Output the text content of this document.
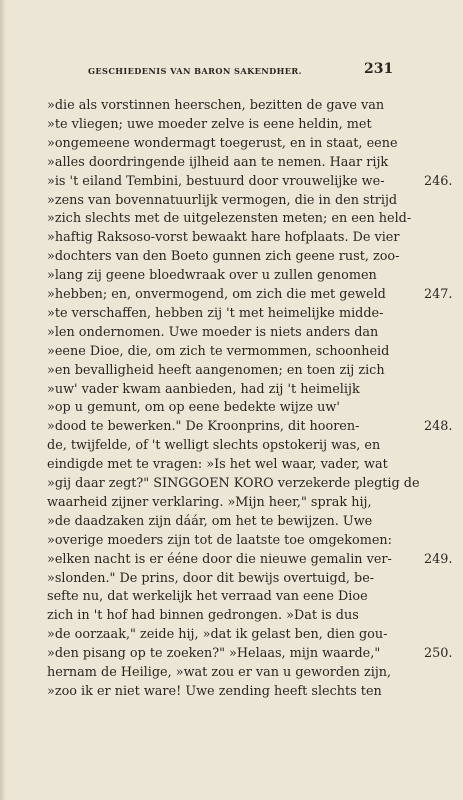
GESCHIEDENIS VAN BARON SAKENDHER.	231
»die als vorstinnen heerschen, bezitten de gave van
»te vliegen; uwe moeder zelve is eene heldin, met
»ongemeene wondermagt toegerust, en in staat, eene
»alles doordringende ijlheid aan te nemen. Haar rijk
»is 't eiland Tembini, bestuurd door vrouwelijke we-
»zens van bovennatuurlijk vermogen, die in den strijd
»zich slechts met de uitgelezensten meten; en een held-
»haftig Raksoso-vorst bewaakt hare hofplaats. De vier
»dochters van den Boeto gunnen zich geene rust, zoo-
»lang zij geene bloedwraak over u zullen genomen
»hebben; en, onvermogend, om zich die met geweld
»te verschaffen, hebben zij 't met heimelijke midde-
»len ondernomen. Uwe moeder is niets anders dan
»eene Dioe, die, om zich te vermommen, schoonheid
»en bevalligheid heeft aangenomen; en toen zij zich
»uw' vader kwam aanbieden, had zij 't heimelijk
»op u gemunt, om op eene bedekte wijze uw'
»dood te bewerken." De Kroonprins, dit hooren-
de, twijfelde, of 't welligt slechts opstokerij was, en
eindigde met te vragen: »Is het wel waar, vader, wat
»gij daar zegt?" SINGGOEN KORO verzekerde plegtig de
waarheid zijner verklaring. »Mijn heer," sprak hij,
»de daadzaken zijn dáár, om het te bewijzen. Uwe
»overige moeders zijn tot de laatste toe omgekomen:
»elken nacht is er ééne door die nieuwe gemalin ver-
»slonden." De prins, door dit bewijs overtuigd, be-
sefte nu, dat werkelijk het verraad van eene Dioe
zich in 't hof had binnen gedrongen. »Dat is dus
»de oorzaak," zeide hij, »dat ik gelast ben, dien gou-
»den pisang op te zoeken?" »Helaas, mijn waarde,"
hernam de Heilige, »wat zou er van u geworden zijn,
»zoo ik er niet ware! Uwe zending heeft slechts ten
246.
247.
248.
249.
250.
